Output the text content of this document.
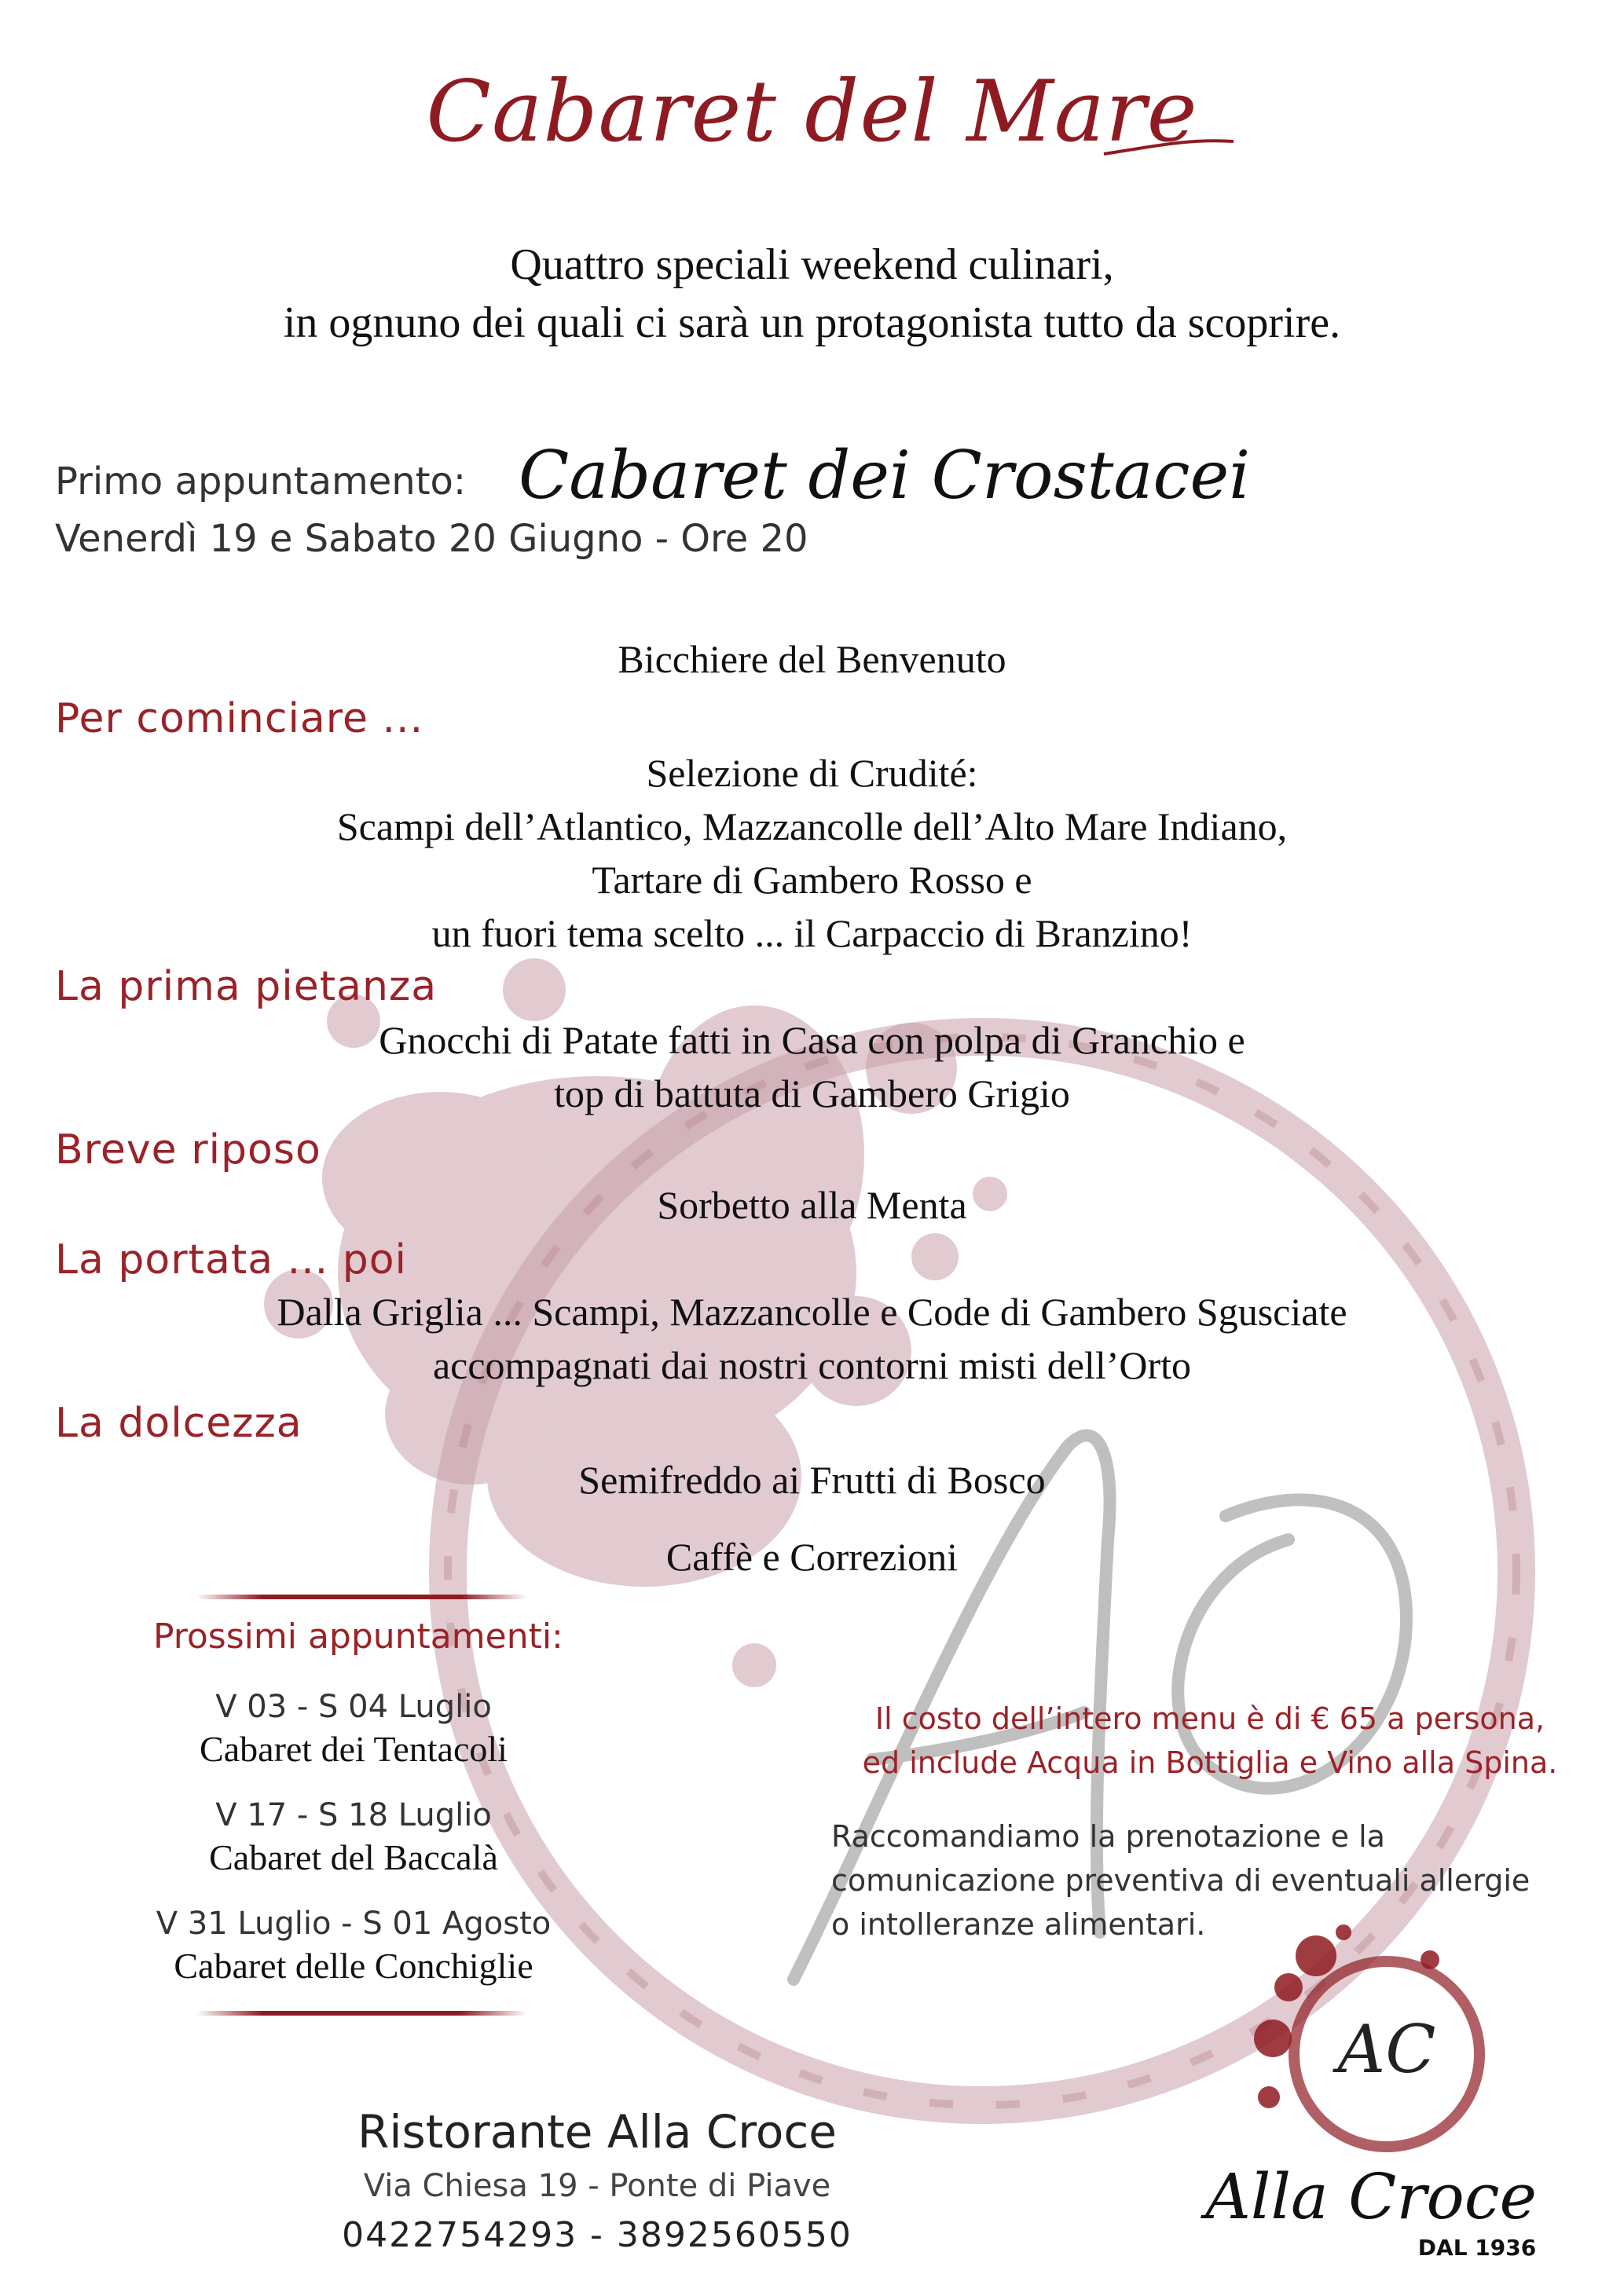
Cabaret del Mare
Quattro speciali weekend culinari,
in ognuno dei quali ci sarà un protagonista tutto da scoprire.
Primo appuntamento: Cabaret dei Crostacei
Venerdì 19 e Sabato 20 Giugno - Ore 20
Bicchiere del Benvenuto
Per cominciare ...
Selezione di Crudité:
Scampi dell’Atlantico, Mazzancolle dell’Alto Mare Indiano,
Tartare di Gambero Rosso e
un fuori tema scelto ... il Carpaccio di Branzino!
La prima pietanza
Gnocchi di Patate fatti in Casa con polpa di Granchio e
top di battuta di Gambero Grigio
Breve riposo
Sorbetto alla Menta
La portata ... poi
Dalla Griglia ... Scampi, Mazzancolle e Code di Gambero Sgusciate
accompagnati dai nostri contorni misti dell’Orto
La dolcezza
Semifreddo ai Frutti di Bosco
Caffè e Correzioni
Prossimi appuntamenti:
V 03 - S 04 Luglio
Cabaret dei Tentacoli
V 17 - S 18 Luglio
Cabaret del Baccalà
V 31 Luglio - S 01 Agosto
Cabaret delle Conchiglie
Il costo dell’intero menu è di € 65 a persona,
ed include Acqua in Bottiglia e Vino alla Spina.
Raccomandiamo la prenotazione e la
comunicazione preventiva di eventuali allergie
o intolleranze alimentari.
Ristorante Alla Croce
Via Chiesa 19 - Ponte di Piave
0422754293 - 3892560550
AC
Alla Croce
DAL 1936
